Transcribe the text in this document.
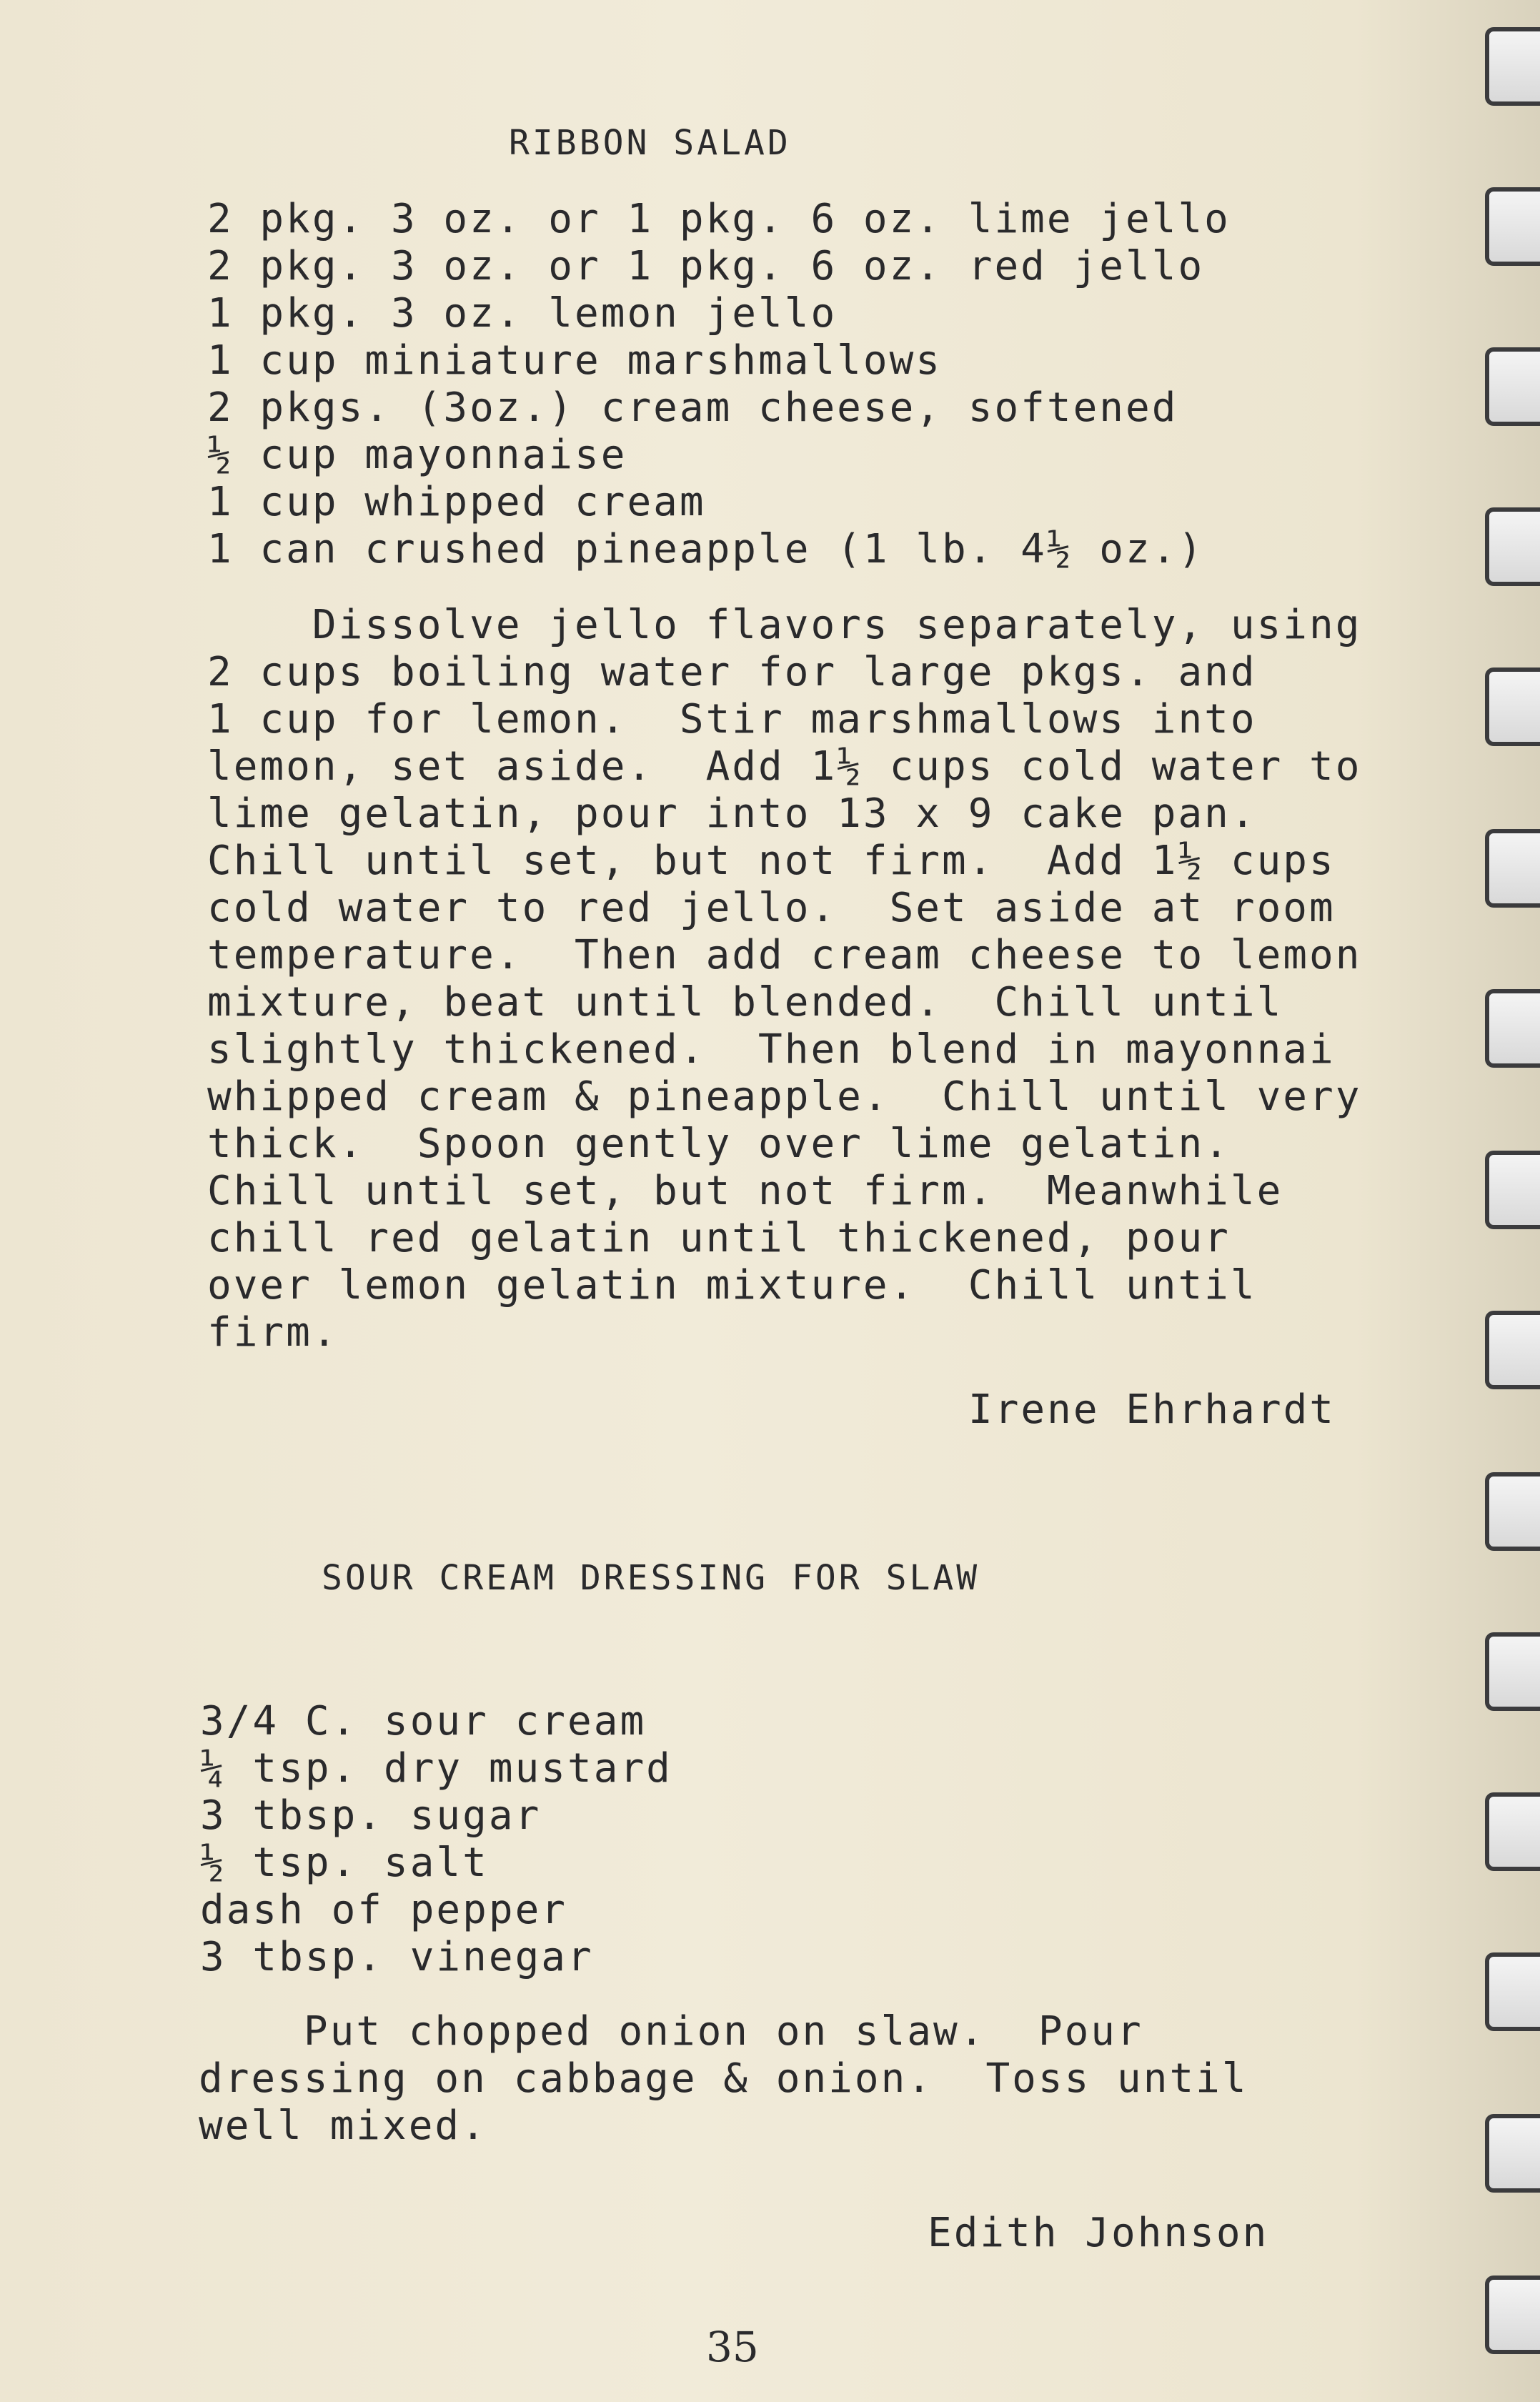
RIBBON SALAD
2 pkg. 3 oz. or 1 pkg. 6 oz. lime jello
2 pkg. 3 oz. or 1 pkg. 6 oz. red jello
1 pkg. 3 oz. lemon jello
1 cup miniature marshmallows
2 pkgs. (3oz.) cream cheese, softened
½ cup mayonnaise
1 cup whipped cream
1 can crushed pineapple (1 lb. 4½ oz.)
Dissolve jello flavors separately, using
2 cups boiling water for large pkgs. and
1 cup for lemon.  Stir marshmallows into
lemon, set aside.  Add 1½ cups cold water to
lime gelatin, pour into 13 x 9 cake pan.
Chill until set, but not firm.  Add 1½ cups
cold water to red jello.  Set aside at room
temperature.  Then add cream cheese to lemon
mixture, beat until blended.  Chill until
slightly thickened.  Then blend in mayonnai
whipped cream & pineapple.  Chill until very
thick.  Spoon gently over lime gelatin.
Chill until set, but not firm.  Meanwhile
chill red gelatin until thickened, pour
over lemon gelatin mixture.  Chill until
firm.
Irene Ehrhardt
SOUR CREAM DRESSING FOR SLAW
3/4 C. sour cream
¼ tsp. dry mustard
3 tbsp. sugar
½ tsp. salt
dash of pepper
3 tbsp. vinegar
Put chopped onion on slaw.  Pour
dressing on cabbage & onion.  Toss until
well mixed.
Edith Johnson
35
